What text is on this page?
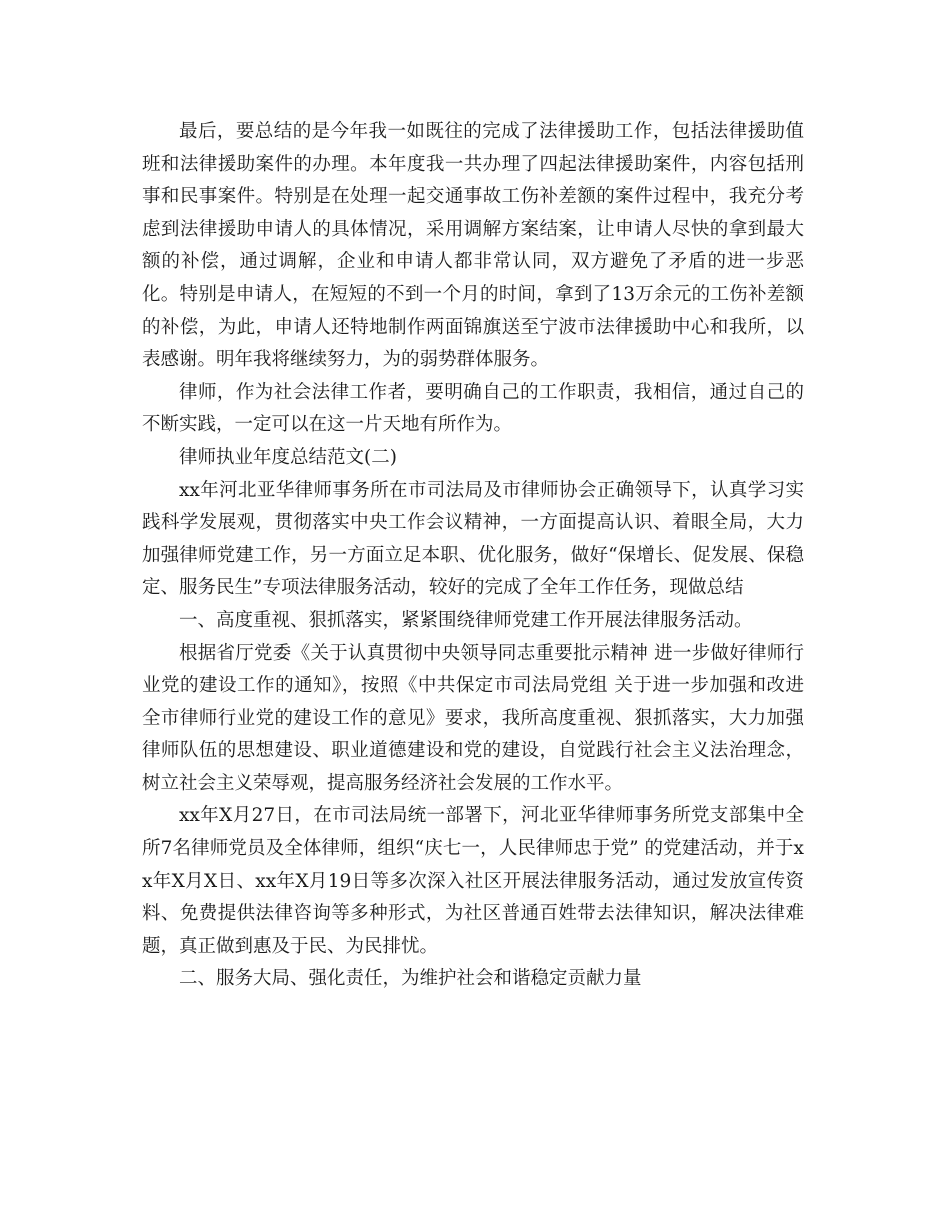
最后，要总结的是今年我一如既往的完成了法律援助工作，包括法律援助值班和法律援助案件的办理。本年度我一共办理了四起法律援助案件，内容包括刑事和民事案件。特别是在处理一起交通事故工伤补差额的案件过程中，我充分考虑到法律援助申请人的具体情况，采用调解方案结案，让申请人尽快的拿到最大额的补偿，通过调解，企业和申请人都非常认同，双方避免了矛盾的进一步恶化。特别是申请人，在短短的不到一个月的时间，拿到了13万余元的工伤补差额的补偿，为此，申请人还特地制作两面锦旗送至宁波市法律援助中心和我所，以表感谢。明年我将继续努力，为的弱势群体服务。

律师，作为社会法律工作者，要明确自己的工作职责，我相信，通过自己的不断实践，一定可以在这一片天地有所作为。

律师执业年度总结范文(二)

xx年河北亚华律师事务所在市司法局及市律师协会正确领导下，认真学习实践科学发展观，贯彻落实中央工作会议精神，一方面提高认识、着眼全局，大力加强律师党建工作，另一方面立足本职、优化服务，做好“保增长、促发展、保稳定、服务民生”专项法律服务活动，较好的完成了全年工作任务，现做总结

一、高度重视、狠抓落实，紧紧围绕律师党建工作开展法律服务活动。

根据省厅党委《关于认真贯彻中央领导同志重要批示精神 进一步做好律师行业党的建设工作的通知》，按照《中共保定市司法局党组 关于进一步加强和改进全市律师行业党的建设工作的意见》要求，我所高度重视、狠抓落实，大力加强律师队伍的思想建设、职业道德建设和党的建设，自觉践行社会主义法治理念，树立社会主义荣辱观，提高服务经济社会发展的工作水平。

xx年X月27日，在市司法局统一部署下，河北亚华律师事务所党支部集中全所7名律师党员及全体律师，组织“庆七一，人民律师忠于党” 的党建活动，并于xx年X月X日、xx年X月19日等多次深入社区开展法律服务活动，通过发放宣传资料、免费提供法律咨询等多种形式，为社区普通百姓带去法律知识，解决法律难题，真正做到惠及于民、为民排忧。

二、服务大局、强化责任，为维护社会和谐稳定贡献力量
